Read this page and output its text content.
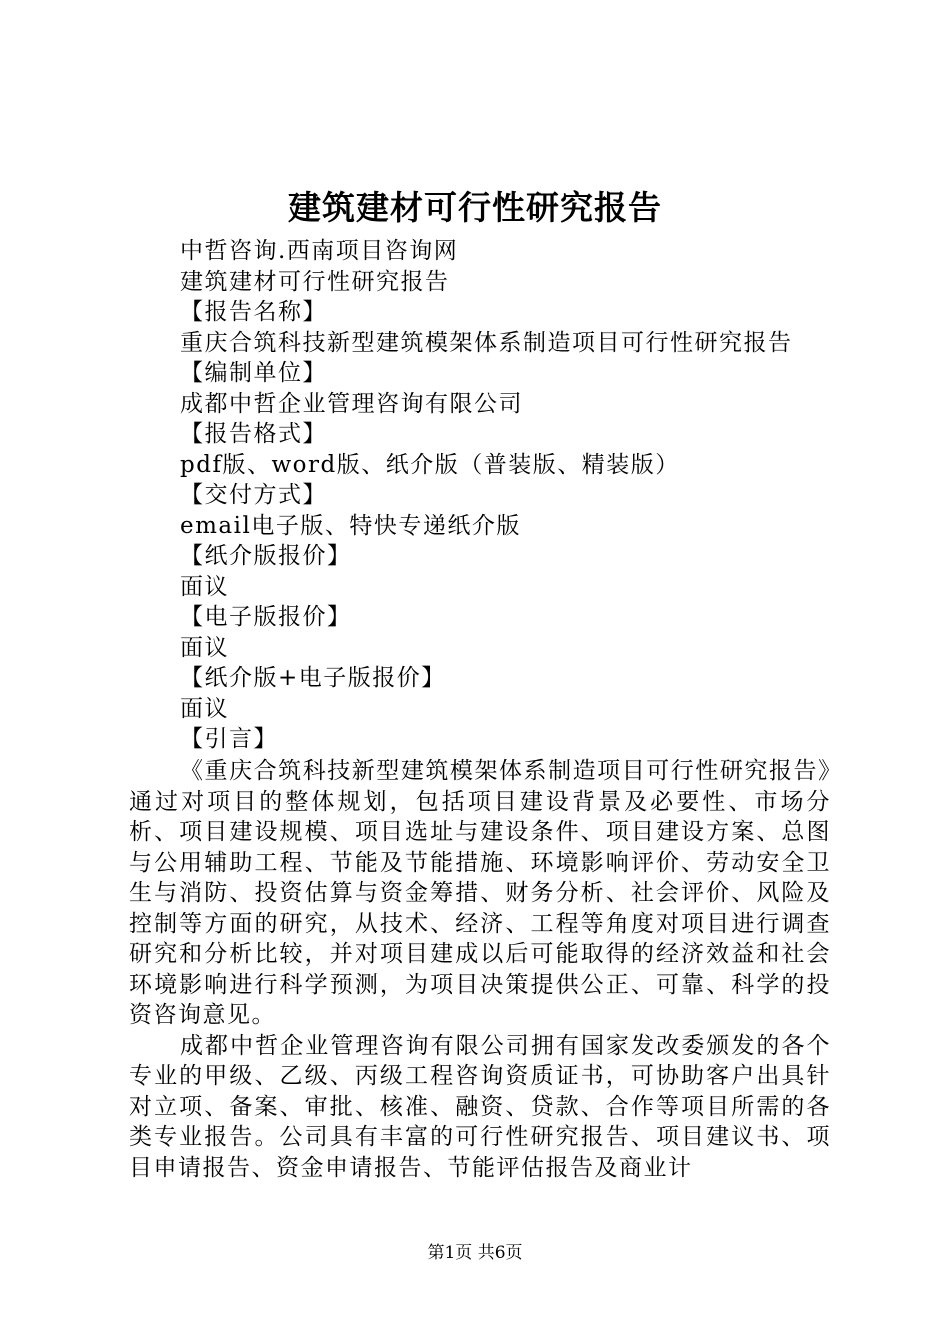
建筑建材可行性研究报告
中哲咨询.西南项目咨询网
建筑建材可行性研究报告
【报告名称】
重庆合筑科技新型建筑模架体系制造项目可行性研究报告
【编制单位】
成都中哲企业管理咨询有限公司
【报告格式】
pdf版、word版、纸介版（普装版、精装版）
【交付方式】
email电子版、特快专递纸介版
【纸介版报价】
面议
【电子版报价】
面议
【纸介版+电子版报价】
面议
【引言】

《重庆合筑科技新型建筑模架体系制造项目可行性研究报告》通过对项目的整体规划，包括项目建设背景及必要性、市场分析、项目建设规模、项目选址与建设条件、项目建设方案、总图与公用辅助工程、节能及节能措施、环境影响评价、劳动安全卫生与消防、投资估算与资金筹措、财务分析、社会评价、风险及控制等方面的研究，从技术、经济、工程等角度对项目进行调查研究和分析比较，并对项目建成以后可能取得的经济效益和社会环境影响进行科学预测，为项目决策提供公正、可靠、科学的投资咨询意见。

成都中哲企业管理咨询有限公司拥有国家发改委颁发的各个专业的甲级、乙级、丙级工程咨询资质证书，可协助客户出具针对立项、备案、审批、核准、融资、贷款、合作等项目所需的各类专业报告。公司具有丰富的可行性研究报告、项目建议书、项目申请报告、资金申请报告、节能评估报告及商业计

第1页 共6页
